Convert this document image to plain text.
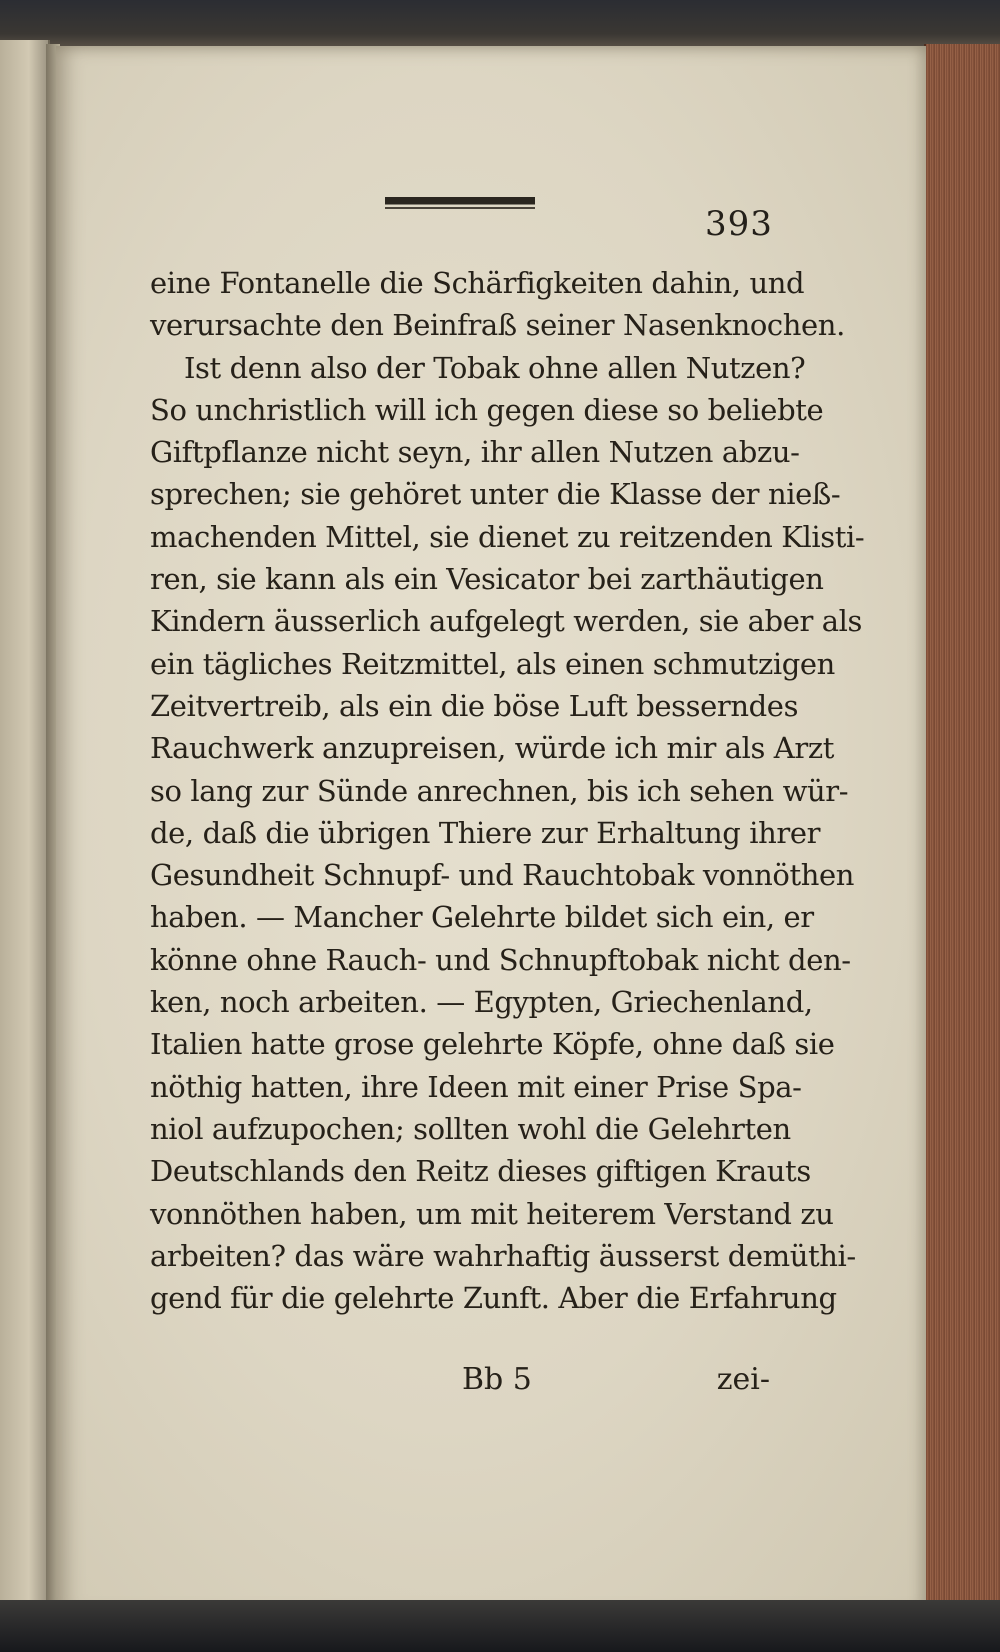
393
eine Fontanelle die Schärfigkeiten dahin, und
verursachte den Beinfraß seiner Nasenknochen.
Ist denn also der Tobak ohne allen Nutzen?
So unchristlich will ich gegen diese so beliebte
Giftpflanze nicht seyn, ihr allen Nutzen abzu-
sprechen; sie gehöret unter die Klasse der nieß-
machenden Mittel, sie dienet zu reitzenden Klisti-
ren, sie kann als ein Vesicator bei zarthäutigen
Kindern äusserlich aufgelegt werden, sie aber als
ein tägliches Reitzmittel, als einen schmutzigen
Zeitvertreib, als ein die böse Luft besserndes
Rauchwerk anzupreisen, würde ich mir als Arzt
so lang zur Sünde anrechnen, bis ich sehen wür-
de, daß die übrigen Thiere zur Erhaltung ihrer
Gesundheit Schnupf- und Rauchtobak vonnöthen
haben. — Mancher Gelehrte bildet sich ein, er
könne ohne Rauch- und Schnupftobak nicht den-
ken, noch arbeiten. — Egypten, Griechenland,
Italien hatte grose gelehrte Köpfe, ohne daß sie
nöthig hatten, ihre Ideen mit einer Prise Spa-
niol aufzupochen; sollten wohl die Gelehrten
Deutschlands den Reitz dieses giftigen Krauts
vonnöthen haben, um mit heiterem Verstand zu
arbeiten? das wäre wahrhaftig äusserst demüthi-
gend für die gelehrte Zunft. Aber die Erfahrung
Bb 5	zei-
